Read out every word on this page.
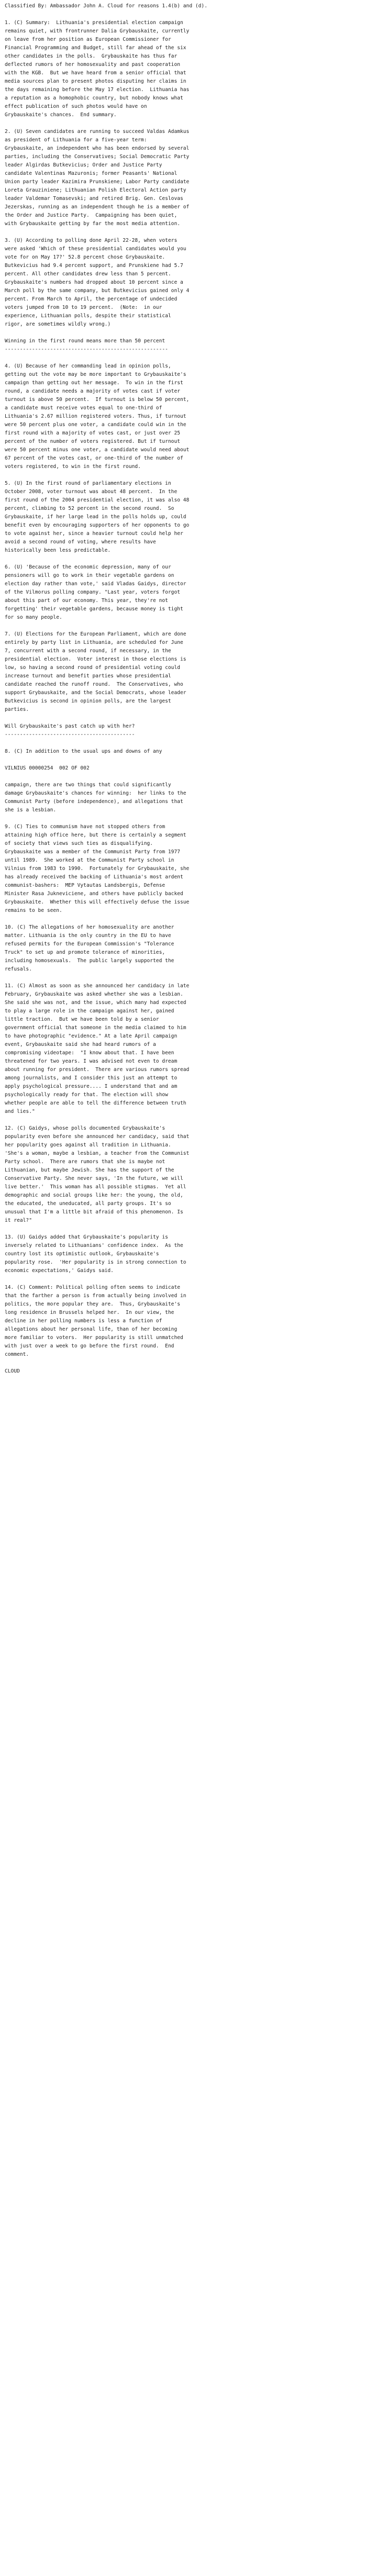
Classified By: Ambassador John A. Cloud for reasons 1.4(b) and (d).
1. (C) Summary:  Lithuania's presidential election campaign
remains quiet, with frontrunner Dalia Grybauskaite, currently
on leave from her position as European Commissioner for
Financial Programming and Budget, still far ahead of the six
other candidates in the polls.  Grybauskaite has thus far
deflected rumors of her homosexuality and past cooperation
with the KGB.  But we have heard from a senior official that
media sources plan to present photos disputing her claims in
the days remaining before the May 17 election.  Lithuania has
a reputation as a homophobic country, but nobody knows what
effect publication of such photos would have on
Grybauskaite's chances.  End summary.
2. (U) Seven candidates are running to succeed Valdas Adamkus
as president of Lithuania for a five-year term:
Grybauskaite, an independent who has been endorsed by several
parties, including the Conservatives; Social Democratic Party
leader Algirdas Butkevicius; Order and Justice Party
candidate Valentinas Mazuronis; former Peasants' National
Union party leader Kazimira Prunskiene; Labor Party candidate
Loreta Grauziniene; Lithuanian Polish Electoral Action party
leader Valdemar Tomasevski; and retired Brig. Gen. Ceslovas
Jezerskas, running as an independent though he is a member of
the Order and Justice Party.  Campaigning has been quiet,
with Grybauskaite getting by far the most media attention.
3. (U) According to polling done April 22-28, when voters
were asked 'Which of these presidential candidates would you
vote for on May 17?' 52.8 percent chose Grybauskaite.
Butkevicius had 9.4 percent support, and Prunskiene had 5.7
percent. All other candidates drew less than 5 percent.
Grybauskaite's numbers had dropped about 10 percent since a
March poll by the same company, but Butkevicius gained only 4
percent. From March to April, the percentage of undecided
voters jumped from 10 to 19 percent.  (Note:  in our
experience, Lithuanian polls, despite their statistical
rigor, are sometimes wildly wrong.)
Winning in the first round means more than 50 percent
------------------------------------------------------
4. (U) Because of her commanding lead in opinion polls,
getting out the vote may be more important to Grybauskaite's
campaign than getting out her message.  To win in the first
round, a candidate needs a majority of votes cast if voter
turnout is above 50 percent.  If turnout is below 50 percent,
a candidate must receive votes equal to one-third of
Lithuania's 2.67 million registered voters. Thus, if turnout
were 50 percent plus one voter, a candidate could win in the
first round with a majority of votes cast, or just over 25
percent of the number of voters registered. But if turnout
were 50 percent minus one voter, a candidate would need about
67 percent of the votes cast, or one-third of the number of
voters registered, to win in the first round.
5. (U) In the first round of parliamentary elections in
October 2008, voter turnout was about 48 percent.  In the
first round of the 2004 presidential election, it was also 48
percent, climbing to 52 percent in the second round.  So
Grybauskaite, if her large lead in the polls holds up, could
benefit even by encouraging supporters of her opponents to go
to vote against her, since a heavier turnout could help her
avoid a second round of voting, where results have
historically been less predictable.
6. (U) 'Because of the economic depression, many of our
pensioners will go to work in their vegetable gardens on
election day rather than vote,' said Vladas Gaidys, director
of the Vilmorus polling company. "Last year, voters forgot
about this part of our economy. This year, they're not
forgetting' their vegetable gardens, because money is tight
for so many people.
7. (U) Elections for the European Parliament, which are done
entirely by party list in Lithuania, are scheduled for June
7, concurrent with a second round, if necessary, in the
presidential election.  Voter interest in those elections is
low, so having a second round of presidential voting could
increase turnout and benefit parties whose presidential
candidate reached the runoff round.  The Conservatives, who
support Grybauskaite, and the Social Democrats, whose leader
Butkevicius is second in opinion polls, are the largest
parties.
Will Grybauskaite's past catch up with her?
-------------------------------------------
8. (C) In addition to the usual ups and downs of any
VILNIUS 00000254  002 OF 002
campaign, there are two things that could significantly
damage Grybauskaite's chances for winning:  her links to the
Communist Party (before independence), and allegations that
she is a lesbian.
9. (C) Ties to communism have not stopped others from
attaining high office here, but there is certainly a segment
of society that views such ties as disqualifying.
Grybauskaite was a member of the Communist Party from 1977
until 1989.  She worked at the Communist Party school in
Vilnius from 1983 to 1990.  Fortunately for Grybauskaite, she
has already received the backing of Lithuania's most ardent
communist-bashers:  MEP Vytautas Landsbergis, Defense
Minister Rasa Jukneviciene, and others have publicly backed
Grybauskaite.  Whether this will effectively defuse the issue
remains to be seen.
10. (C) The allegations of her homosexuality are another
matter. Lithuania is the only country in the EU to have
refused permits for the European Commission's "Tolerance
Truck" to set up and promote tolerance of minorities,
including homosexuals.  The public largely supported the
refusals.
11. (C) Almost as soon as she announced her candidacy in late
February, Grybauskaite was asked whether she was a lesbian.
She said she was not, and the issue, which many had expected
to play a large role in the campaign against her, gained
little traction.  But we have been told by a senior
government official that someone in the media claimed to him
to have photographic "evidence." At a late April campaign
event, Grybauskaite said she had heard rumors of a
compromising videotape:  "I know about that. I have been
threatened for two years. I was advised not even to dream
about running for president.  There are various rumors spread
among journalists, and I consider this just an attempt to
apply psychological pressure.... I understand that and am
psychologically ready for that. The election will show
whether people are able to tell the difference between truth
and lies."
12. (C) Gaidys, whose polls documented Grybauskaite's
popularity even before she announced her candidacy, said that
her popularity goes against all tradition in Lithuania.
'She's a woman, maybe a lesbian, a teacher from the Communist
Party school.  There are rumors that she is maybe not
Lithuanian, but maybe Jewish. She has the support of the
Conservative Party. She never says, 'In the future, we will
live better.'  This woman has all possible stigmas.  Yet all
demographic and social groups like her: the young, the old,
the educated, the uneducated, all party groups. It's so
unusual that I'm a little bit afraid of this phenomenon. Is
it real?"
13. (U) Gaidys added that Grybauskaite's popularity is
inversely related to Lithuanians' confidence index.  As the
country lost its optimistic outlook, Grybauskaite's
popularity rose.  'Her popularity is in strong connection to
economic expectations,' Gaidys said.
14. (C) Comment: Political polling often seems to indicate
that the farther a person is from actually being involved in
politics, the more popular they are.  Thus, Grybauskaite's
long residence in Brussels helped her.  In our view, the
decline in her polling numbers is less a function of
allegations about her personal life, than of her becoming
more familiar to voters.  Her popularity is still unmatched
with just over a week to go before the first round.  End
comment.
CLOUD
